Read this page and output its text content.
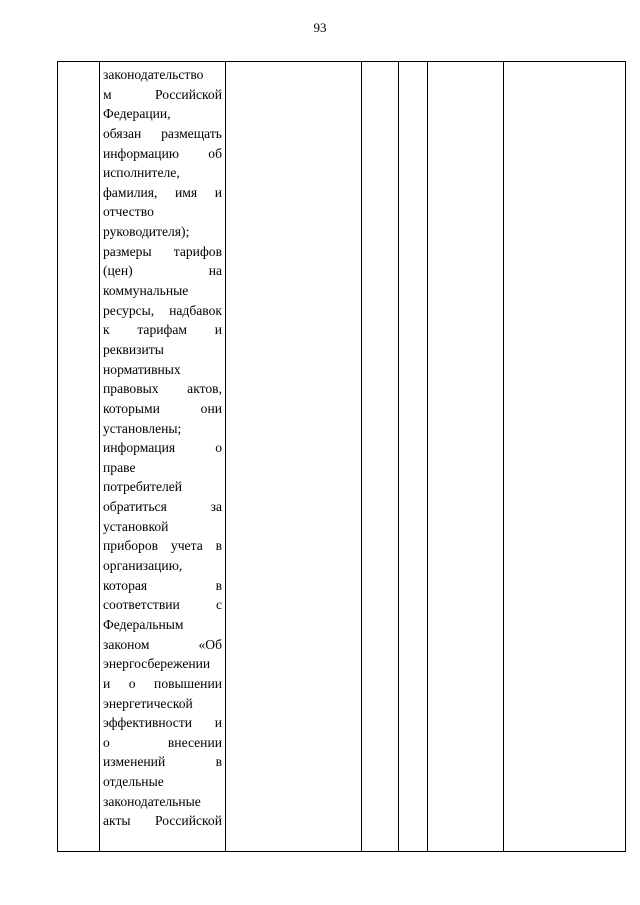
93

законодательство
м	Российской
Федерации,
обязан размещать
информацию об
исполнителе,
фамилия, имя и
отчество
руководителя);
размеры тарифов
(цен)	на
коммунальные
ресурсы, надбавок
к тарифам и
реквизиты
нормативных
правовых актов,
которыми	они
установлены;
информация	о
праве
потребителей
обратиться	за
установкой
приборов учета в
организацию,
которая	в
соответствии	с
Федеральным
законом	«Об
энергосбережении
и о повышении
энергетической
эффективности и
о	внесении
изменений	в
отдельные
законодательные
акты Российской
